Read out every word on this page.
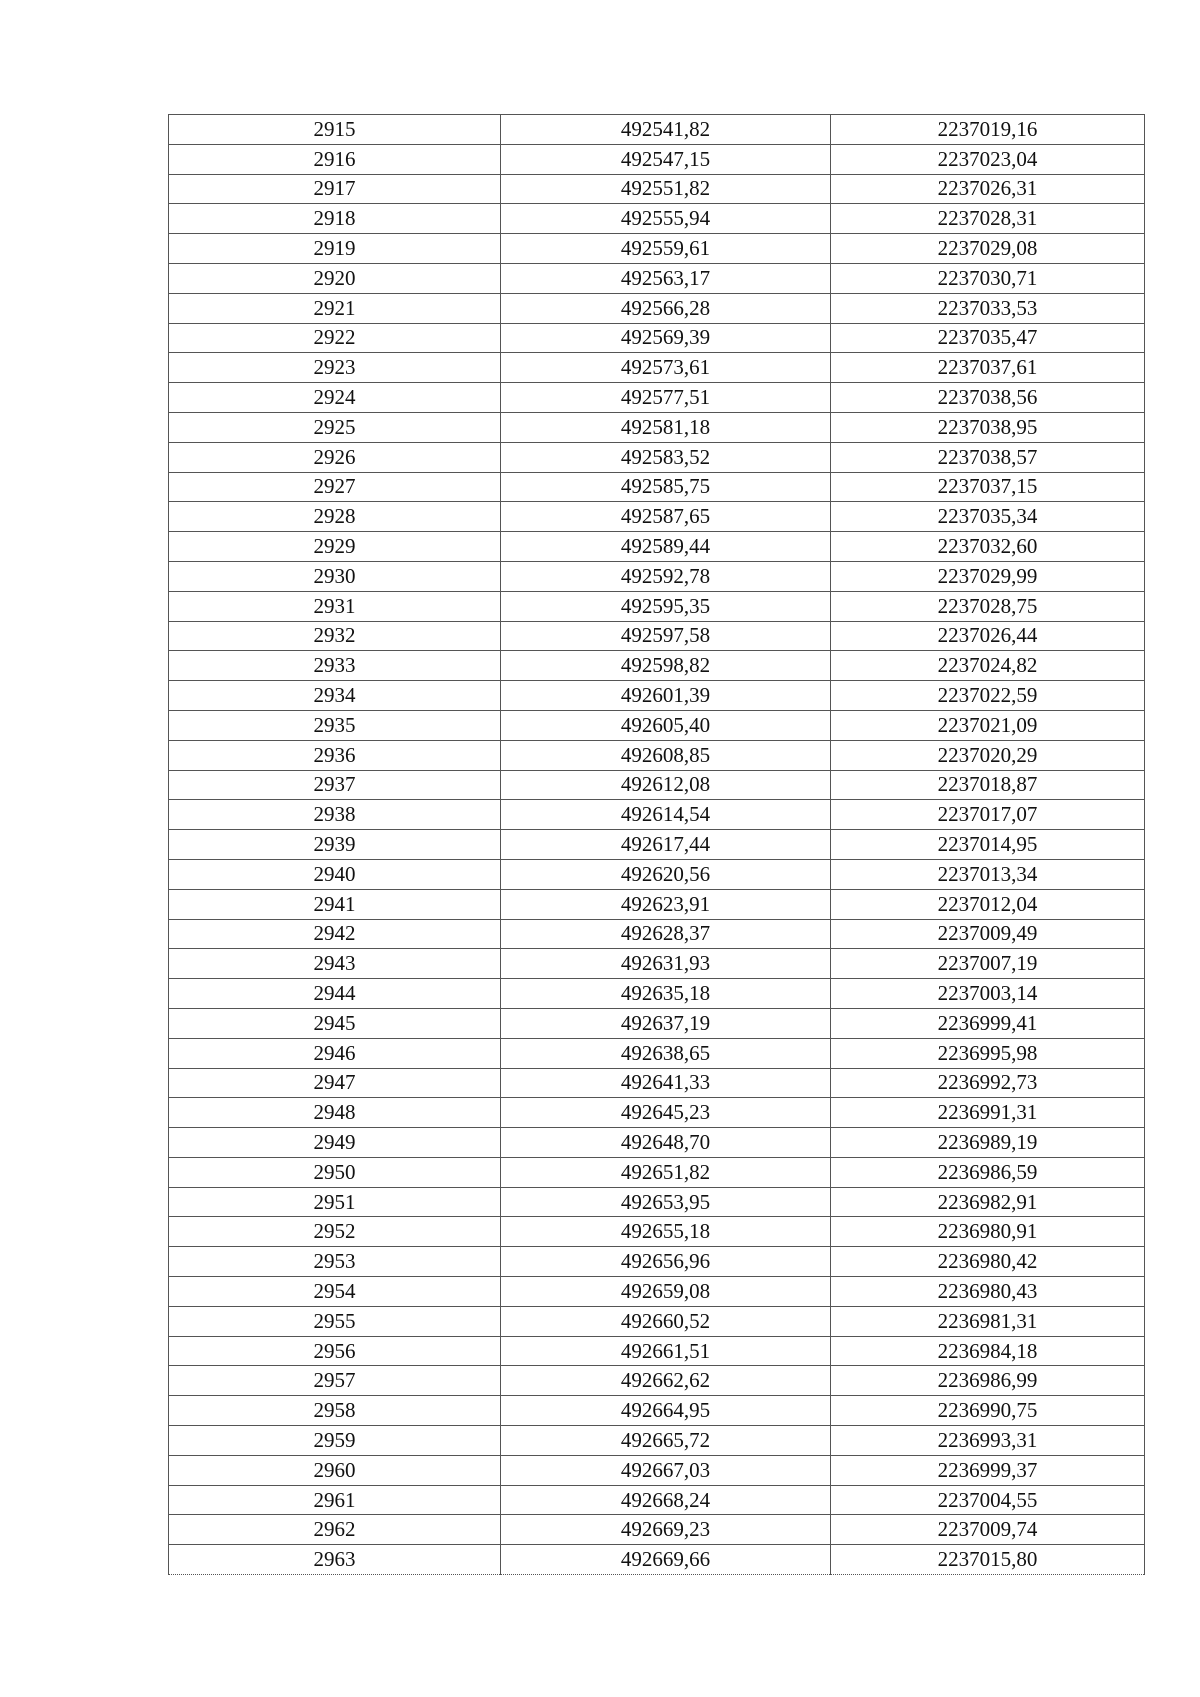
2915	492541,82	2237019,16
2916	492547,15	2237023,04
2917	492551,82	2237026,31
2918	492555,94	2237028,31
2919	492559,61	2237029,08
2920	492563,17	2237030,71
2921	492566,28	2237033,53
2922	492569,39	2237035,47
2923	492573,61	2237037,61
2924	492577,51	2237038,56
2925	492581,18	2237038,95
2926	492583,52	2237038,57
2927	492585,75	2237037,15
2928	492587,65	2237035,34
2929	492589,44	2237032,60
2930	492592,78	2237029,99
2931	492595,35	2237028,75
2932	492597,58	2237026,44
2933	492598,82	2237024,82
2934	492601,39	2237022,59
2935	492605,40	2237021,09
2936	492608,85	2237020,29
2937	492612,08	2237018,87
2938	492614,54	2237017,07
2939	492617,44	2237014,95
2940	492620,56	2237013,34
2941	492623,91	2237012,04
2942	492628,37	2237009,49
2943	492631,93	2237007,19
2944	492635,18	2237003,14
2945	492637,19	2236999,41
2946	492638,65	2236995,98
2947	492641,33	2236992,73
2948	492645,23	2236991,31
2949	492648,70	2236989,19
2950	492651,82	2236986,59
2951	492653,95	2236982,91
2952	492655,18	2236980,91
2953	492656,96	2236980,42
2954	492659,08	2236980,43
2955	492660,52	2236981,31
2956	492661,51	2236984,18
2957	492662,62	2236986,99
2958	492664,95	2236990,75
2959	492665,72	2236993,31
2960	492667,03	2236999,37
2961	492668,24	2237004,55
2962	492669,23	2237009,74
2963	492669,66	2237015,80
